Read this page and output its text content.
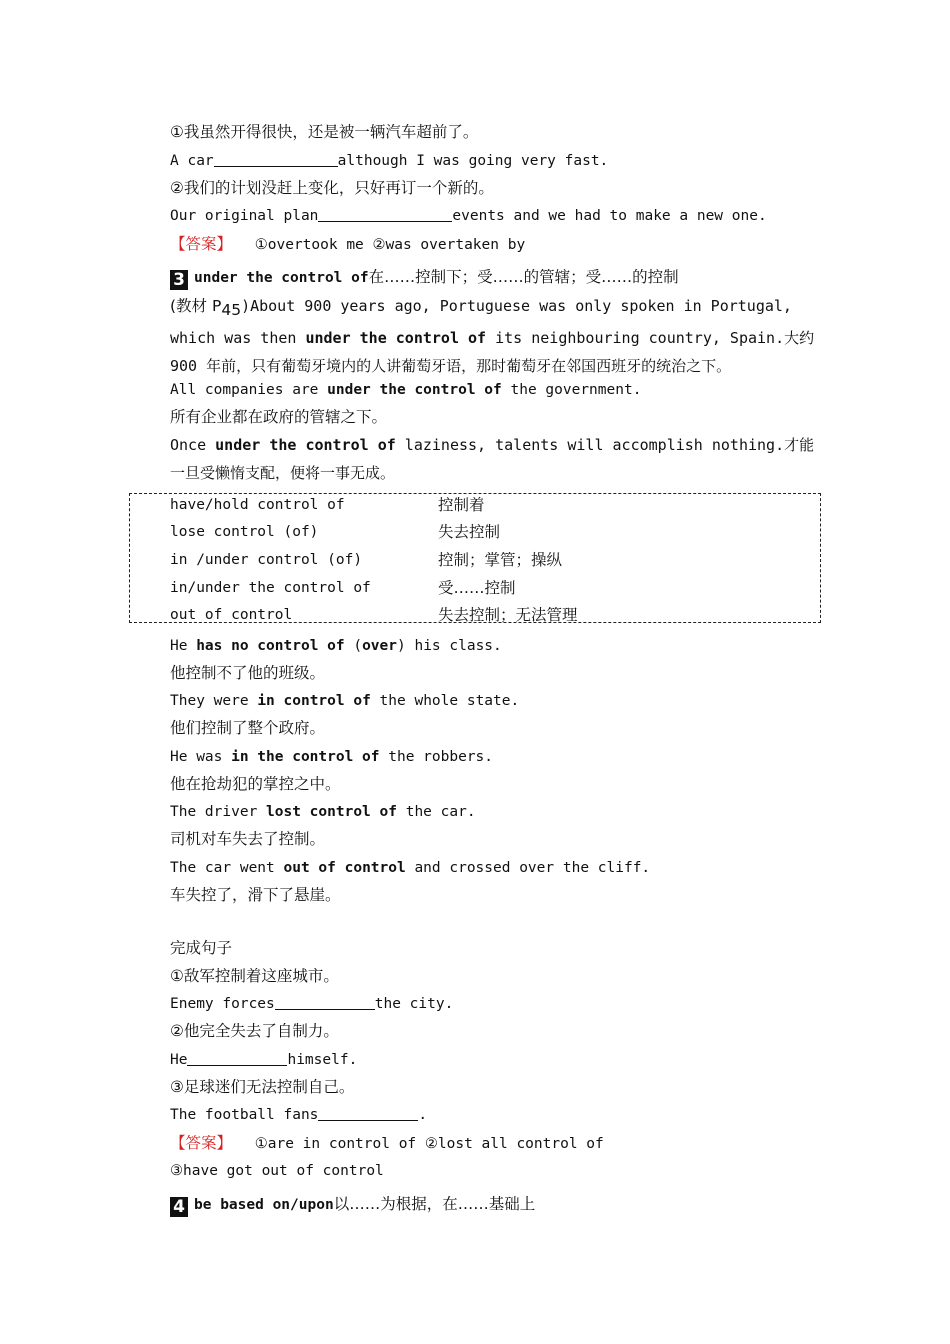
①我虽然开得很快，还是被一辆汽车超前了。
A car	although I was going very fast.
②我们的计划没赶上变化，只好再订一个新的。
Our original plan	events and we had to make a new one.
【答案】 ①overtook me ②was overtaken by
3 under the control of在……控制下；受……的管辖；受……的控制
(教材 $P_{45})About$ 900 years ago, Portuguese was only spoken in Portugal, which was then under the control of its neighbouring country, Spain.大约 900 年前，只有葡萄牙境内的人讲葡萄牙语，那时葡萄牙在邻国西班牙的统治之下。
All companies are under the control of the government.
所有企业都在政府的管辖之下。
Once under the control of laziness, talents will accomplish nothing.才能一旦受懒惰支配，便将一事无成。
have/hold control of	控制着
lose control (of)	失去控制
in /under control (of)	控制；掌管；操纵
in/under the control of	受……控制
out of control	失去控制；无法管理
He has no control of (over) his class.
他控制不了他的班级。
They were in control of the whole state.
他们控制了整个政府。
He was in the control of the robbers.
他在抢劫犯的掌控之中。
The driver lost control of the car.
司机对车失去了控制。
The car went out of control and crossed over the cliff.
车失控了，滑下了悬崖。
完成句子
①敌军控制着这座城市。
Enemy forces	the city.
②他完全失去了自制力。
He	himself.
③足球迷们无法控制自己。
The football fans	.
【答案】 ①are in control of ②lost all control of
③have got out of control
4 be based on/upon以……为根据，在……基础上
